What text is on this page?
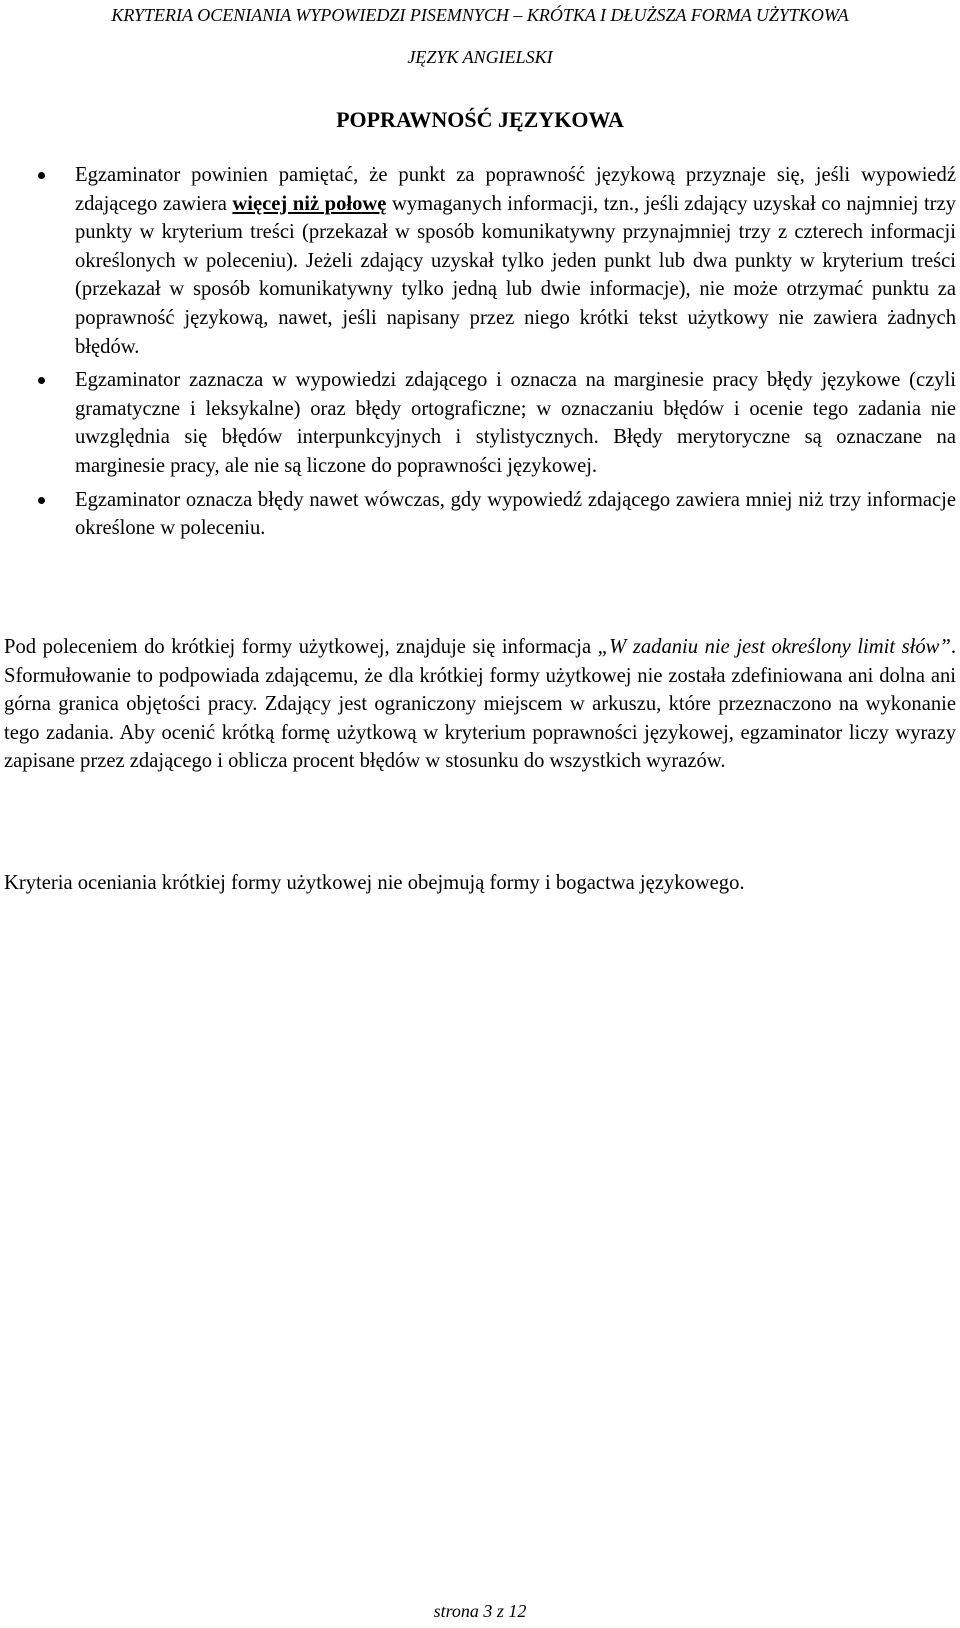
KRYTERIA OCENIANIA WYPOWIEDZI PISEMNYCH – KRÓTKA I DŁUŻSZA FORMA UŻYTKOWA
JĘZYK ANGIELSKI
POPRAWNOŚĆ JĘZYKOWA
Egzaminator powinien pamiętać, że punkt za poprawność językową przyznaje się, jeśli wypowiedź zdającego zawiera więcej niż połowę wymaganych informacji, tzn., jeśli zdający uzyskał co najmniej trzy punkty w kryterium treści (przekazał w sposób komunikatywny przynajmniej trzy z czterech informacji określonych w poleceniu). Jeżeli zdający uzyskał tylko jeden punkt lub dwa punkty w kryterium treści (przekazał w sposób komunikatywny tylko jedną lub dwie informacje), nie może otrzymać punktu za poprawność językową, nawet, jeśli napisany przez niego krótki tekst użytkowy nie zawiera żadnych błędów.
Egzaminator zaznacza w wypowiedzi zdającego i oznacza na marginesie pracy błędy językowe (czyli gramatyczne i leksykalne) oraz błędy ortograficzne; w oznaczaniu błędów i ocenie tego zadania nie uwzględnia się błędów interpunkcyjnych i stylistycznych. Błędy merytoryczne są oznaczane na marginesie pracy, ale nie są liczone do poprawności językowej.
Egzaminator oznacza błędy nawet wówczas, gdy wypowiedź zdającego zawiera mniej niż trzy informacje określone w poleceniu.

Pod poleceniem do krótkiej formy użytkowej, znajduje się informacja „W zadaniu nie jest określony limit słów”. Sformułowanie to podpowiada zdającemu, że dla krótkiej formy użytkowej nie została zdefiniowana ani dolna ani górna granica objętości pracy. Zdający jest ograniczony miejscem w arkuszu, które przeznaczono na wykonanie tego zadania. Aby ocenić krótką formę użytkową w kryterium poprawności językowej, egzaminator liczy wyrazy zapisane przez zdającego i oblicza procent błędów w stosunku do wszystkich wyrazów.

Kryteria oceniania krótkiej formy użytkowej nie obejmują formy i bogactwa językowego.

strona 3 z 12
